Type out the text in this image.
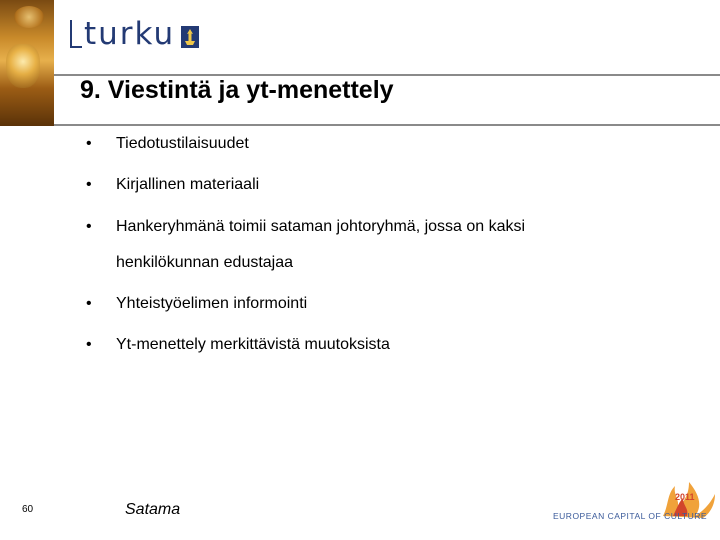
turku
9. Viestintä ja yt-menettely
• Tiedotustilaisuudet
• Kirjallinen materiaali
• Hankeryhmänä toimii sataman johtoryhmä, jossa on kaksi
• Yhteistyöelimen informointi
• Yt-menettely merkittävistä muutoksista
henkilökunnan edustajaa
60	Satama
2011
EUROPEAN CAPITAL OF CULTURE
